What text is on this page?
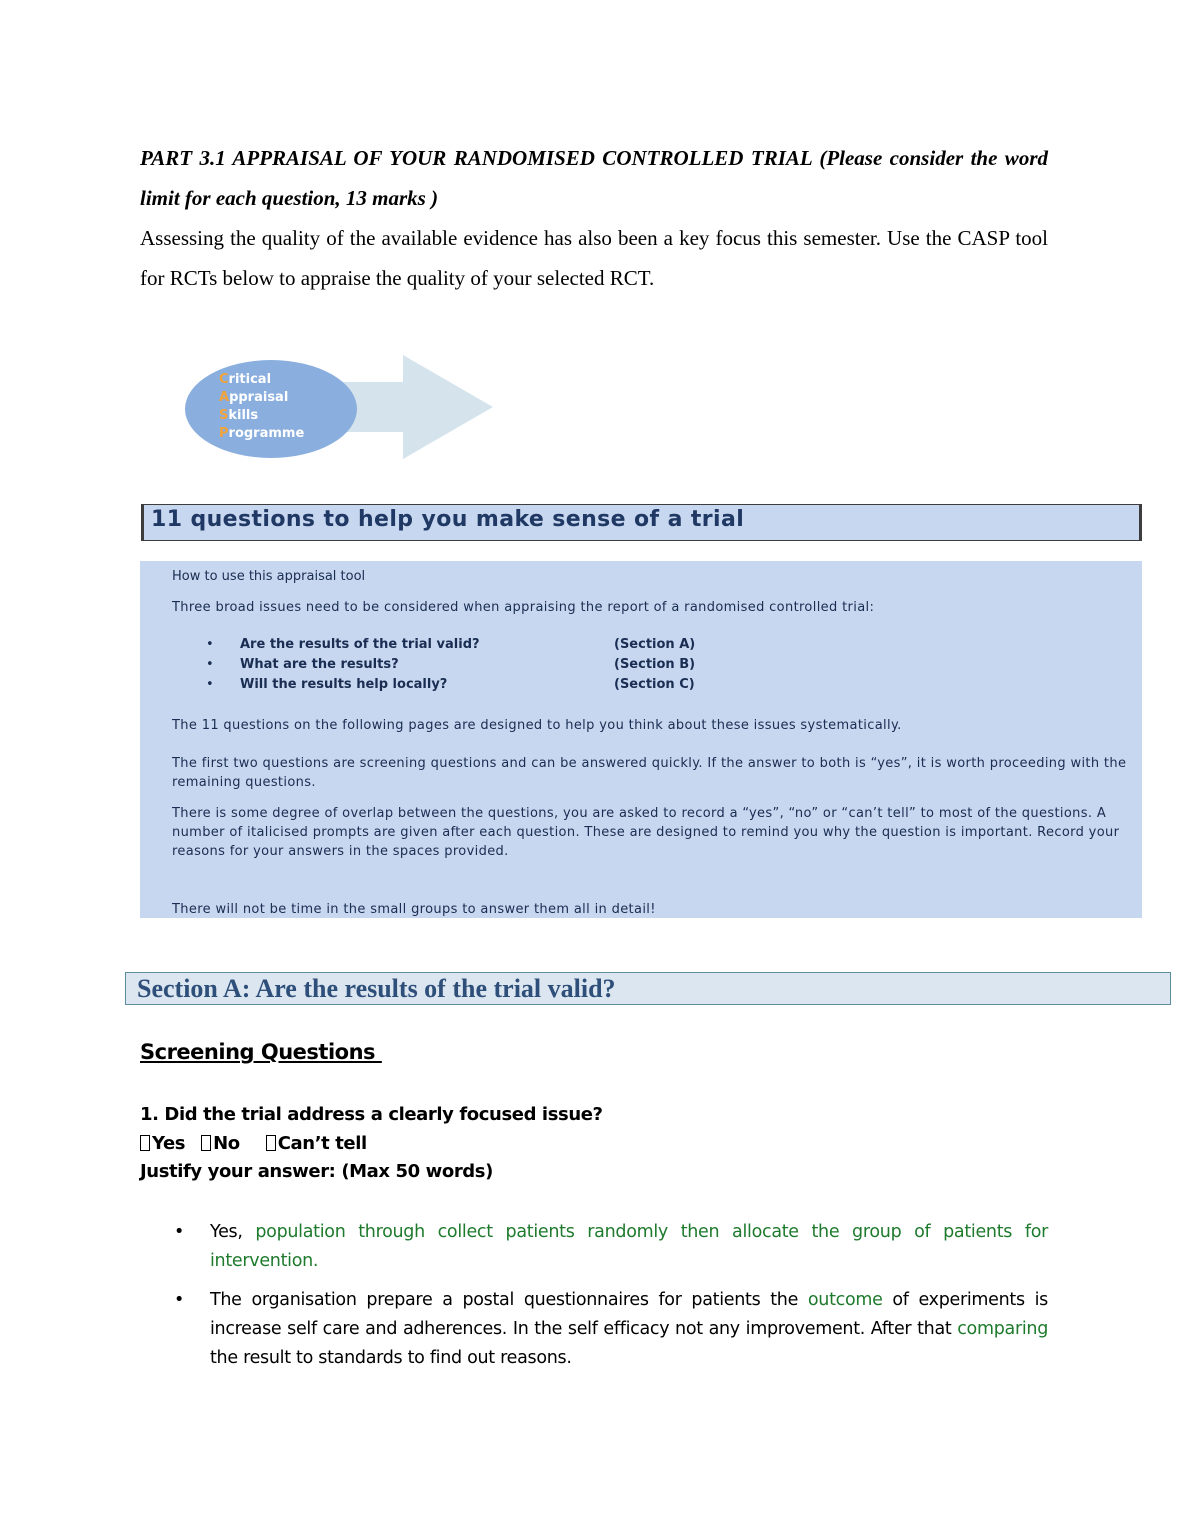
PART 3.1 APPRAISAL OF YOUR RANDOMISED CONTROLLED TRIAL (Please consider the word limit for each question, 13 marks )

Assessing the quality of the available evidence has also been a key focus this semester. Use the CASP tool for RCTs below to appraise the quality of your selected RCT.

Critical
Appraisal
Skills
Programme
11 questions to help you make sense of a trial
How to use this appraisal tool
Three broad issues need to be considered when appraising the report of a randomised controlled trial:
• Are the results of the trial valid?	(Section A)
• What are the results?	(Section B)
• Will the results help locally?	(Section C)
The 11 questions on the following pages are designed to help you think about these issues systematically.
The first two questions are screening questions and can be answered quickly. If the answer to both is “yes”, it is worth proceeding with the remaining questions.
There is some degree of overlap between the questions, you are asked to record a “yes”, “no” or “can’t tell” to most of the questions. A number of italicised prompts are given after each question. These are designed to remind you why the question is important. Record your reasons for your answers in the spaces provided.
There will not be time in the small groups to answer them all in detail!
Section A: Are the results of the trial valid?
Screening Questions
1. Did the trial address a clearly focused issue?
Yes No Can’t tell
Justify your answer: (Max 50 words)

• Yes, population through collect patients randomly then allocate the group of patients for intervention.

• The organisation prepare a postal questionnaires for patients the outcome of experiments is increase self care and adherences. In the self efficacy not any improvement. After that comparing the result to standards to find out reasons.
